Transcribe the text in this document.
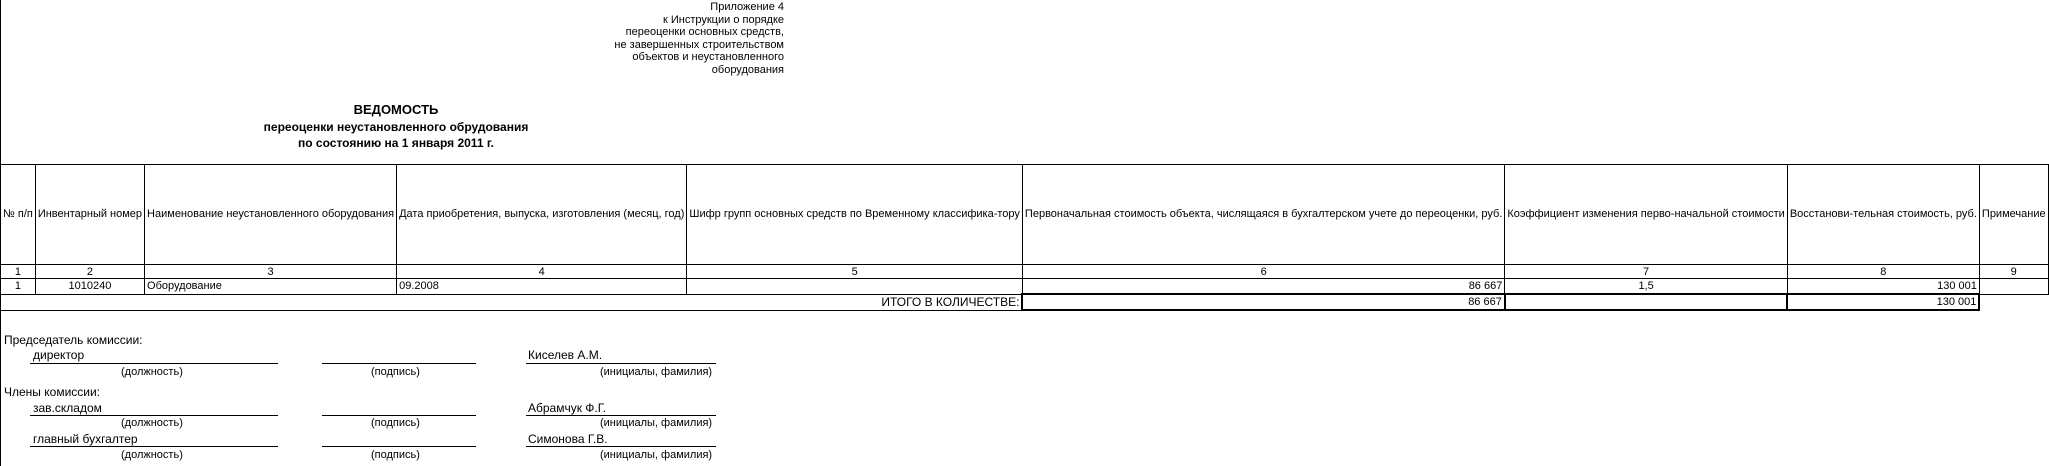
Приложение 4
к Инструкции о порядке
переоценки основных средств,
не завершенных строительством
объектов и неустановленного
оборудования
ВЕДОМОСТЬ
переоценки неустановленного обрудования
по состоянию на 1 января 2011 г.
№ п/п	Инвентарный номер	Наименование неустановленного оборудования	Дата приобретения, выпуска, изготовления (месяц, год)	Шифр групп основных средств по Временному классифика-тору	Первоначальная стоимость объекта, числящаяся в бухгалтерском учете до переоценки, руб.	Коэффициент изменения перво-начальной стоимости	Восстанови-тельная стоимость, руб.	Примечание
1	2	3	4	5	6	7	8	9
1	1010240	Оборудование	09.2008		86 667	1,5	130 001	
ИТОГО В КОЛИЧЕСТВЕ:					86 667		130 001	
Председатель комиссии:
директор	Киселев А.М.
(должность)	(подпись)	(инициалы, фамилия)
Члены комиссии:
зав.складом	Абрамчук Ф.Г.
(должность)	(подпись)	(инициалы, фамилия)
главный бухгалтер	Симонова Г.В.
(должность)	(подпись)	(инициалы, фамилия)
